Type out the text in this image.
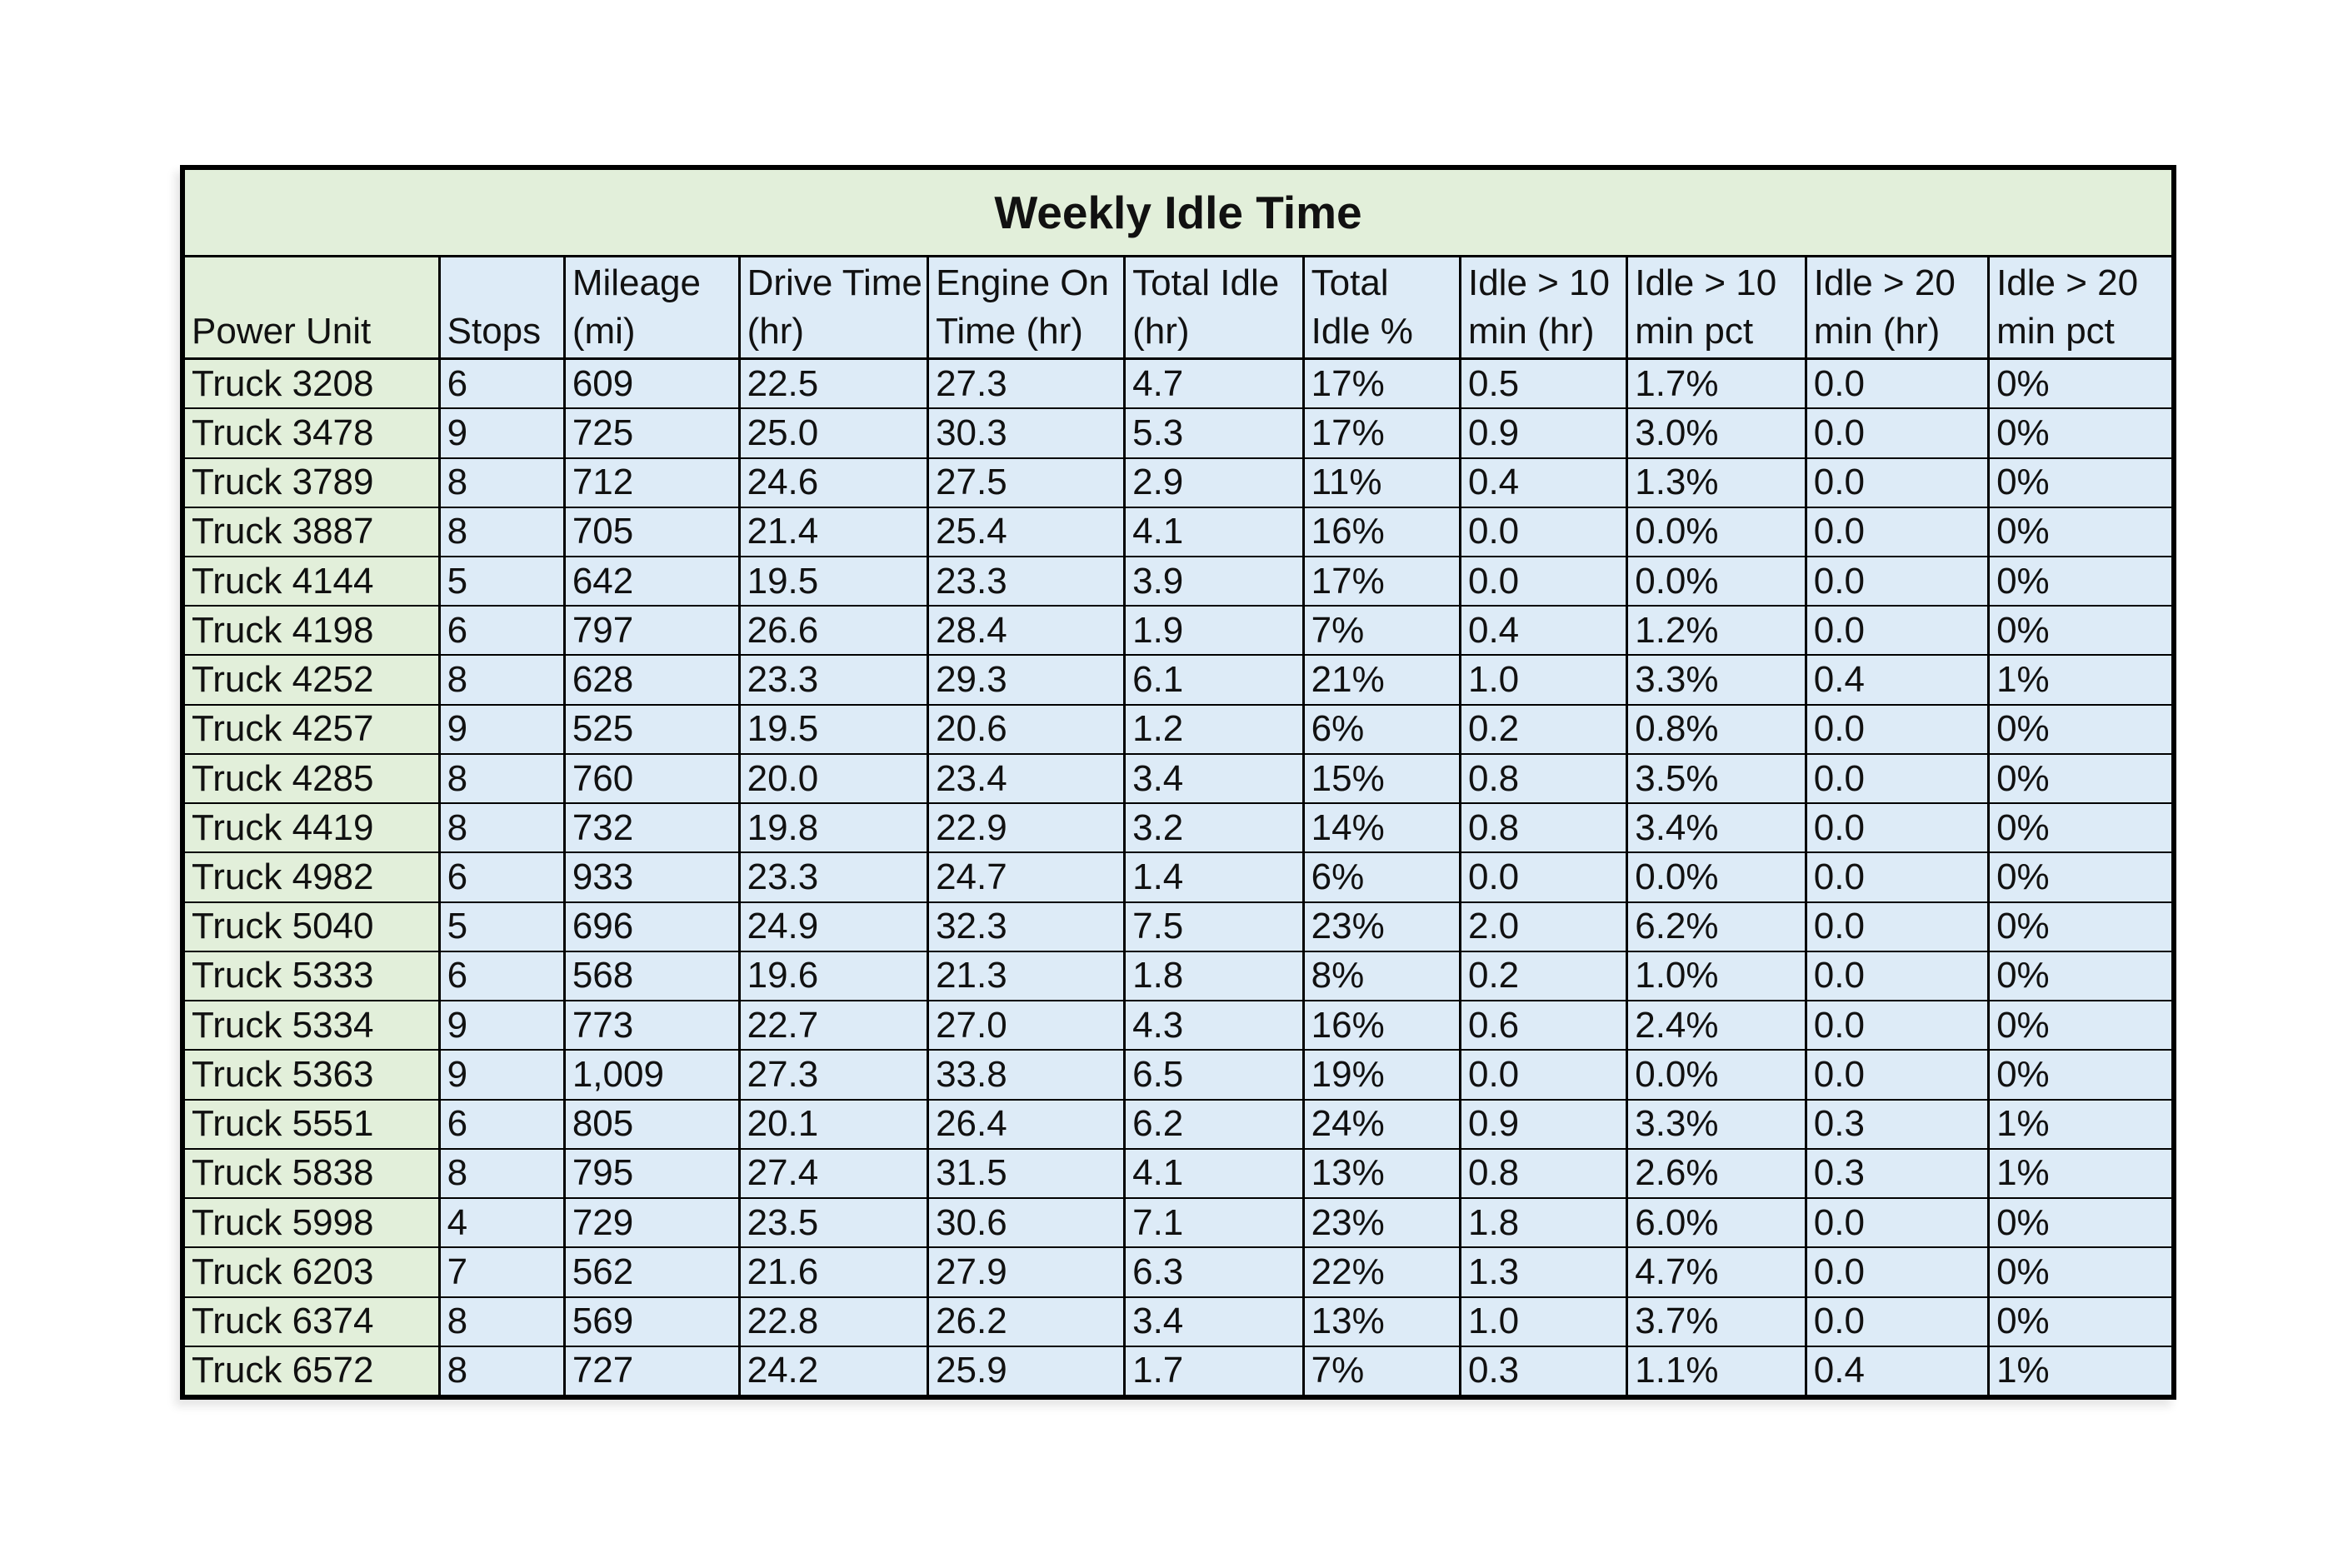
Weekly Idle Time										
Power Unit	Stops	Mileage (mi)	Drive Time (hr)	Engine On Time (hr)	Total Idle (hr)	Total Idle %	Idle > 10 min (hr)	Idle > 10 min pct	Idle > 20 min (hr)	Idle > 20 min pct
Truck 3208	6	609	22.5	27.3	4.7	17%	0.5	1.7%	0.0	0%
Truck 3478	9	725	25.0	30.3	5.3	17%	0.9	3.0%	0.0	0%
Truck 3789	8	712	24.6	27.5	2.9	11%	0.4	1.3%	0.0	0%
Truck 3887	8	705	21.4	25.4	4.1	16%	0.0	0.0%	0.0	0%
Truck 4144	5	642	19.5	23.3	3.9	17%	0.0	0.0%	0.0	0%
Truck 4198	6	797	26.6	28.4	1.9	7%	0.4	1.2%	0.0	0%
Truck 4252	8	628	23.3	29.3	6.1	21%	1.0	3.3%	0.4	1%
Truck 4257	9	525	19.5	20.6	1.2	6%	0.2	0.8%	0.0	0%
Truck 4285	8	760	20.0	23.4	3.4	15%	0.8	3.5%	0.0	0%
Truck 4419	8	732	19.8	22.9	3.2	14%	0.8	3.4%	0.0	0%
Truck 4982	6	933	23.3	24.7	1.4	6%	0.0	0.0%	0.0	0%
Truck 5040	5	696	24.9	32.3	7.5	23%	2.0	6.2%	0.0	0%
Truck 5333	6	568	19.6	21.3	1.8	8%	0.2	1.0%	0.0	0%
Truck 5334	9	773	22.7	27.0	4.3	16%	0.6	2.4%	0.0	0%
Truck 5363	9	1,009	27.3	33.8	6.5	19%	0.0	0.0%	0.0	0%
Truck 5551	6	805	20.1	26.4	6.2	24%	0.9	3.3%	0.3	1%
Truck 5838	8	795	27.4	31.5	4.1	13%	0.8	2.6%	0.3	1%
Truck 5998	4	729	23.5	30.6	7.1	23%	1.8	6.0%	0.0	0%
Truck 6203	7	562	21.6	27.9	6.3	22%	1.3	4.7%	0.0	0%
Truck 6374	8	569	22.8	26.2	3.4	13%	1.0	3.7%	0.0	0%
Truck 6572	8	727	24.2	25.9	1.7	7%	0.3	1.1%	0.4	1%
